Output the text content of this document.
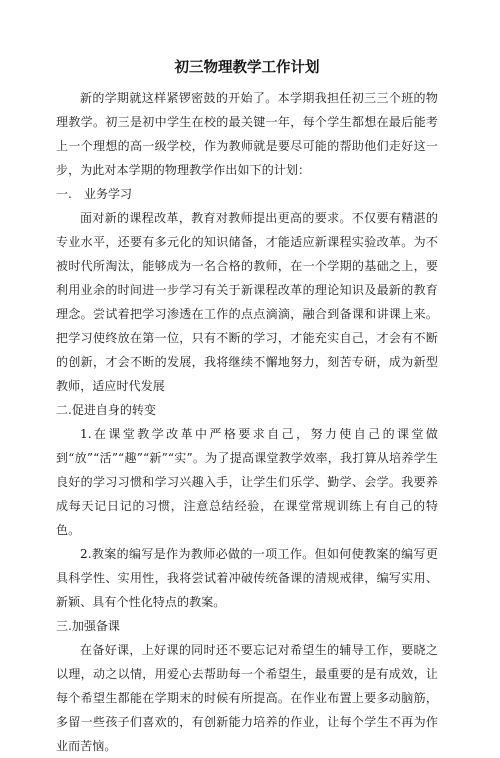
初三物理教学工作计划

新的学期就这样紧锣密鼓的开始了。本学期我担任初三三个班的物理教学。初三是初中学生在校的最关键一年，每个学生都想在最后能考上一个理想的高一级学校，作为教师就是要尽可能的帮助他们走好这一步，为此对本学期的物理教学作出如下的计划：

一. 业务学习

面对新的课程改革，教育对教师提出更高的要求。不仅要有精湛的专业水平，还要有多元化的知识储备，才能适应新课程实验改革。为不被时代所淘汰，能够成为一名合格的教师，在一个学期的基础之上，要利用业余的时间进一步学习有关于新课程改革的理论知识及最新的教育理念。尝试着把学习渗透在工作的点点滴滴，融合到备课和讲课上来。把学习使终放在第一位，只有不断的学习，才能充实自己，才会有不断的创新，才会不断的发展，我将继续不懈地努力，刻苦专研，成为新型教师，适应时代发展

二.促进自身的转变

1.在课堂教学改革中严格要求自己，努力使自己的课堂做到“放”“活”“趣”“新”“实”。为了提高课堂教学效率，我打算从培养学生良好的学习习惯和学习兴趣入手，让学生们乐学、勤学、会学。我要养成每天记日记的习惯，注意总结经验，在课堂常规训练上有自己的特色。

2.教案的编写是作为教师必做的一项工作。但如何使教案的编写更具科学性、实用性，我将尝试着冲破传统备课的清规戒律，编写实用、新颖、具有个性化特点的教案。

三.加强备课

在备好课，上好课的同时还不要忘记对希望生的辅导工作，要晓之以理，动之以情，用爱心去帮助每一个希望生，最重要的是有成效，让每个希望生都能在学期末的时候有所提高。在作业布置上要多动脑筋，多留一些孩子们喜欢的，有创新能力培养的作业，让每个学生不再为作业而苦恼。
